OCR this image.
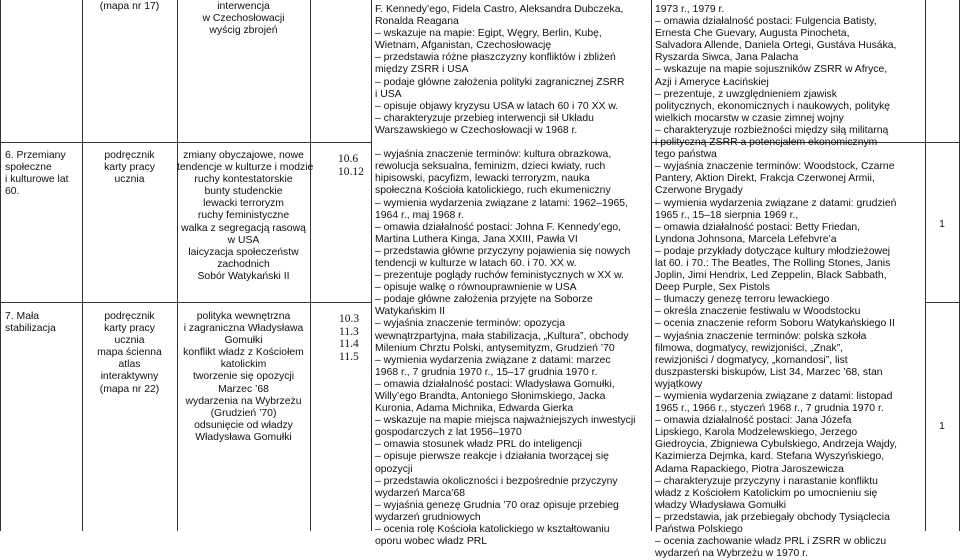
(mapa nr 17)	interwencja
w Czechosłowacji
wyścig zbrojeń
6. Przemiany
społeczne
i kulturowe lat
60.
podręcznik
karty pracy
ucznia
zmiany obyczajowe, nowe
tendencje w kulturze i modzie
ruchy kontestatorskie
bunty studenckie
lewacki terroryzm
ruchy feministyczne
walka z segregacją rasową
w USA
laicyzacja społeczeństw
zachodnich
Sobór Watykański II
10.6
10.12
7. Mała
stabilizacja
podręcznik
karty pracy
ucznia
mapa ścienna
atlas
interaktywny
(mapa nr 22)
polityka wewnętrzna
i zagraniczna Władysława
Gomułki
konflikt władz z Kościołem
katolickim
tworzenie się opozycji
Marzec ’68
wydarzenia na Wybrzeżu
(Grudzień ’70)
odsunięcie od władzy
Władysława Gomułki
10.3
11.3
11.4
11.5
F. Kennedy’ego, Fidela Castro, Aleksandra Dubczeka,
Ronalda Reagana
– wskazuje na mapie: Egipt, Węgry, Berlin, Kubę,
Wietnam, Afganistan, Czechosłowację
– przedstawia różne płaszczyzny konfliktów i zbliżeń
między ZSRR i USA
– podaje główne założenia polityki zagranicznej ZSRR
i USA
– opisuje objawy kryzysu USA w latach 60 i 70 XX w.
– charakteryzuje przebieg interwencji sił Układu
Warszawskiego w Czechosłowacji w 1968 r.

– wyjaśnia znaczenie terminów: kultura obrazkowa,
rewolucja seksualna, feminizm, dzieci kwiaty, ruch
hipisowski, pacyfizm, lewacki terroryzm, nauka
społeczna Kościoła katolickiego, ruch ekumeniczny
– wymienia wydarzenia związane z latami: 1962–1965,
1964 r., maj 1968 r.
– omawia działalność postaci: Johna F. Kennedy’ego,
Martina Luthera Kinga, Jana XXIII, Pawła VI
– przedstawia główne przyczyny pojawienia się nowych
tendencji w kulturze w latach 60. i 70. XX w.
– prezentuje poglądy ruchów feministycznych w XX w.
– opisuje walkę o równouprawnienie w USA
– podaje główne założenia przyjęte na Soborze
Watykańskim II
– wyjaśnia znaczenie terminów: opozycja
wewnątrzpartyjna, mała stabilizacja, „Kultura”, obchody
Milenium Chrztu Polski, antysemityzm, Grudzień ’70
– wymienia wydarzenia związane z datami: marzec
1968 r., 7 grudnia 1970 r., 15–17 grudnia 1970 r.
– omawia działalność postaci: Władysława Gomułki,
Willy’ego Brandta, Antoniego Słonimskiego, Jacka
Kuronia, Adama Michnika, Edwarda Gierka
– wskazuje na mapie miejsca najważniejszych inwestycji
gospodarczych z lat 1956–1970
– omawia stosunek władz PRL do inteligencji
– opisuje pierwsze reakcje i działania tworzącej się
opozycji
– przedstawia okoliczności i bezpośrednie przyczyny
wydarzeń Marca’68
– wyjaśnia genezę Grudnia ’70 oraz opisuje przebieg
wydarzeń grudniowych
– ocenia rolę Kościoła katolickiego w kształtowaniu
oporu wobec władz PRL
1973 r., 1979 r.
– omawia działalność postaci: Fulgencia Batisty,
Ernesta Che Guevary, Augusta Pinocheta,
Salvadora Allende, Daniela Ortegi, Gustáva Husáka,
Ryszarda Siwca, Jana Palacha
– wskazuje na mapie sojuszników ZSRR w Afryce,
Azji i Ameryce Łacińskiej
– prezentuje, z uwzględnieniem zjawisk
politycznych, ekonomicznych i naukowych, politykę
wielkich mocarstw w czasie zimnej wojny
– charakteryzuje rozbieżności między siłą militarną
i polityczną ZSRR a potencjałem ekonomicznym
tego państwa
– wyjaśnia znaczenie terminów: Woodstock, Czarne
Pantery, Aktion Direkt, Frakcja Czerwonej Armii,
Czerwone Brygady
– wymienia wydarzenia związane z datami: grudzień
1965 r., 15–18 sierpnia 1969 r.,
– omawia działalność postaci: Betty Friedan,
Lyndona Johnsona, Marcela Lefebvre’a
– podaje przykłady dotyczące kultury młodzieżowej
lat 60. i 70.: The Beatles, The Rolling Stones, Janis
Joplin, Jimi Hendrix, Led Zeppelin, Black Sabbath,
Deep Purple, Sex Pistols
– tłumaczy genezę terroru lewackiego
– określa znaczenie festiwalu w Woodstocku
– ocenia znaczenie reform Soboru Watykańskiego II
– wyjaśnia znaczenie terminów: polska szkoła
filmowa, dogmatycy, rewizjoniści, „Znak”,
rewizjoniści / dogmatycy, „komandosi”, list
duszpasterski biskupów, List 34, Marzec ’68, stan
wyjątkowy
– wymienia wydarzenia związane z datami: listopad
1965 r., 1966 r., styczeń 1968 r., 7 grudnia 1970 r.
– omawia działalność postaci: Jana Józefa
Lipskiego, Karola Modzelewskiego, Jerzego
Giedroycia, Zbigniewa Cybulskiego, Andrzeja Wajdy,
Kazimierza Dejmka, kard. Stefana Wyszyńskiego,
Adama Rapackiego, Piotra Jaroszewicza
– charakteryzuje przyczyny i narastanie konfliktu
władz z Kościołem Katolickim po umocnieniu się
władzy Władysława Gomułki
– przedstawia, jak przebiegały obchody Tysiąclecia
Państwa Polskiego
– ocenia zachowanie władz PRL i ZSRR w obliczu
wydarzeń na Wybrzeżu w 1970 r.
1
1
